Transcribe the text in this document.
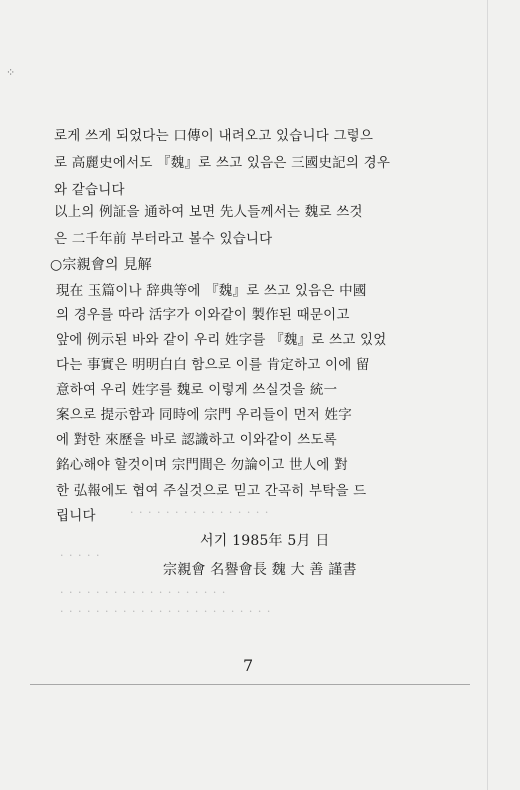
⁘
로게 쓰게 되었다는 口傳이 내려오고 있습니다 그렇으
로 高麗史에서도 『魏』로 쓰고 있음은 三國史記의 경우
와 같습니다
以上의 例証을 通하여 보면 先人들께서는 魏로 쓰것
은 二千年前 부터라고 볼수 있습니다
○宗親會의 見解
現在 玉篇이나 辞典等에 『魏』로 쓰고 있음은 中國
의 경우를 따라 活字가 이와같이 製作된 때문이고
앞에 例示된 바와 같이 우리 姓字를 『魏』로 쓰고 있었
다는 事實은 明明白白 함으로 이를 肯定하고 이에 留
意하여 우리 姓字를 魏로 이렇게 쓰실것을 統一
案으로 提示함과 同時에 宗門 우리들이 먼저 姓字
에 對한 來歷을 바로 認識하고 이와같이 쓰도록
銘心해야 할것이며 宗門間은 勿論이고 世人에 對
한 弘報에도 협여 주실것으로 믿고 간곡히 부탁을 드
립니다	· · · · · · · · · · · · · · · ·
서기 1985年 5月 日
· · · · ·
宗親會 名譽會長 魏 大 善 謹書
· · · · · · · · · · · · · · · · · · ·
· · · · · · · · · · · · · · · · · · · · · · · ·
7
